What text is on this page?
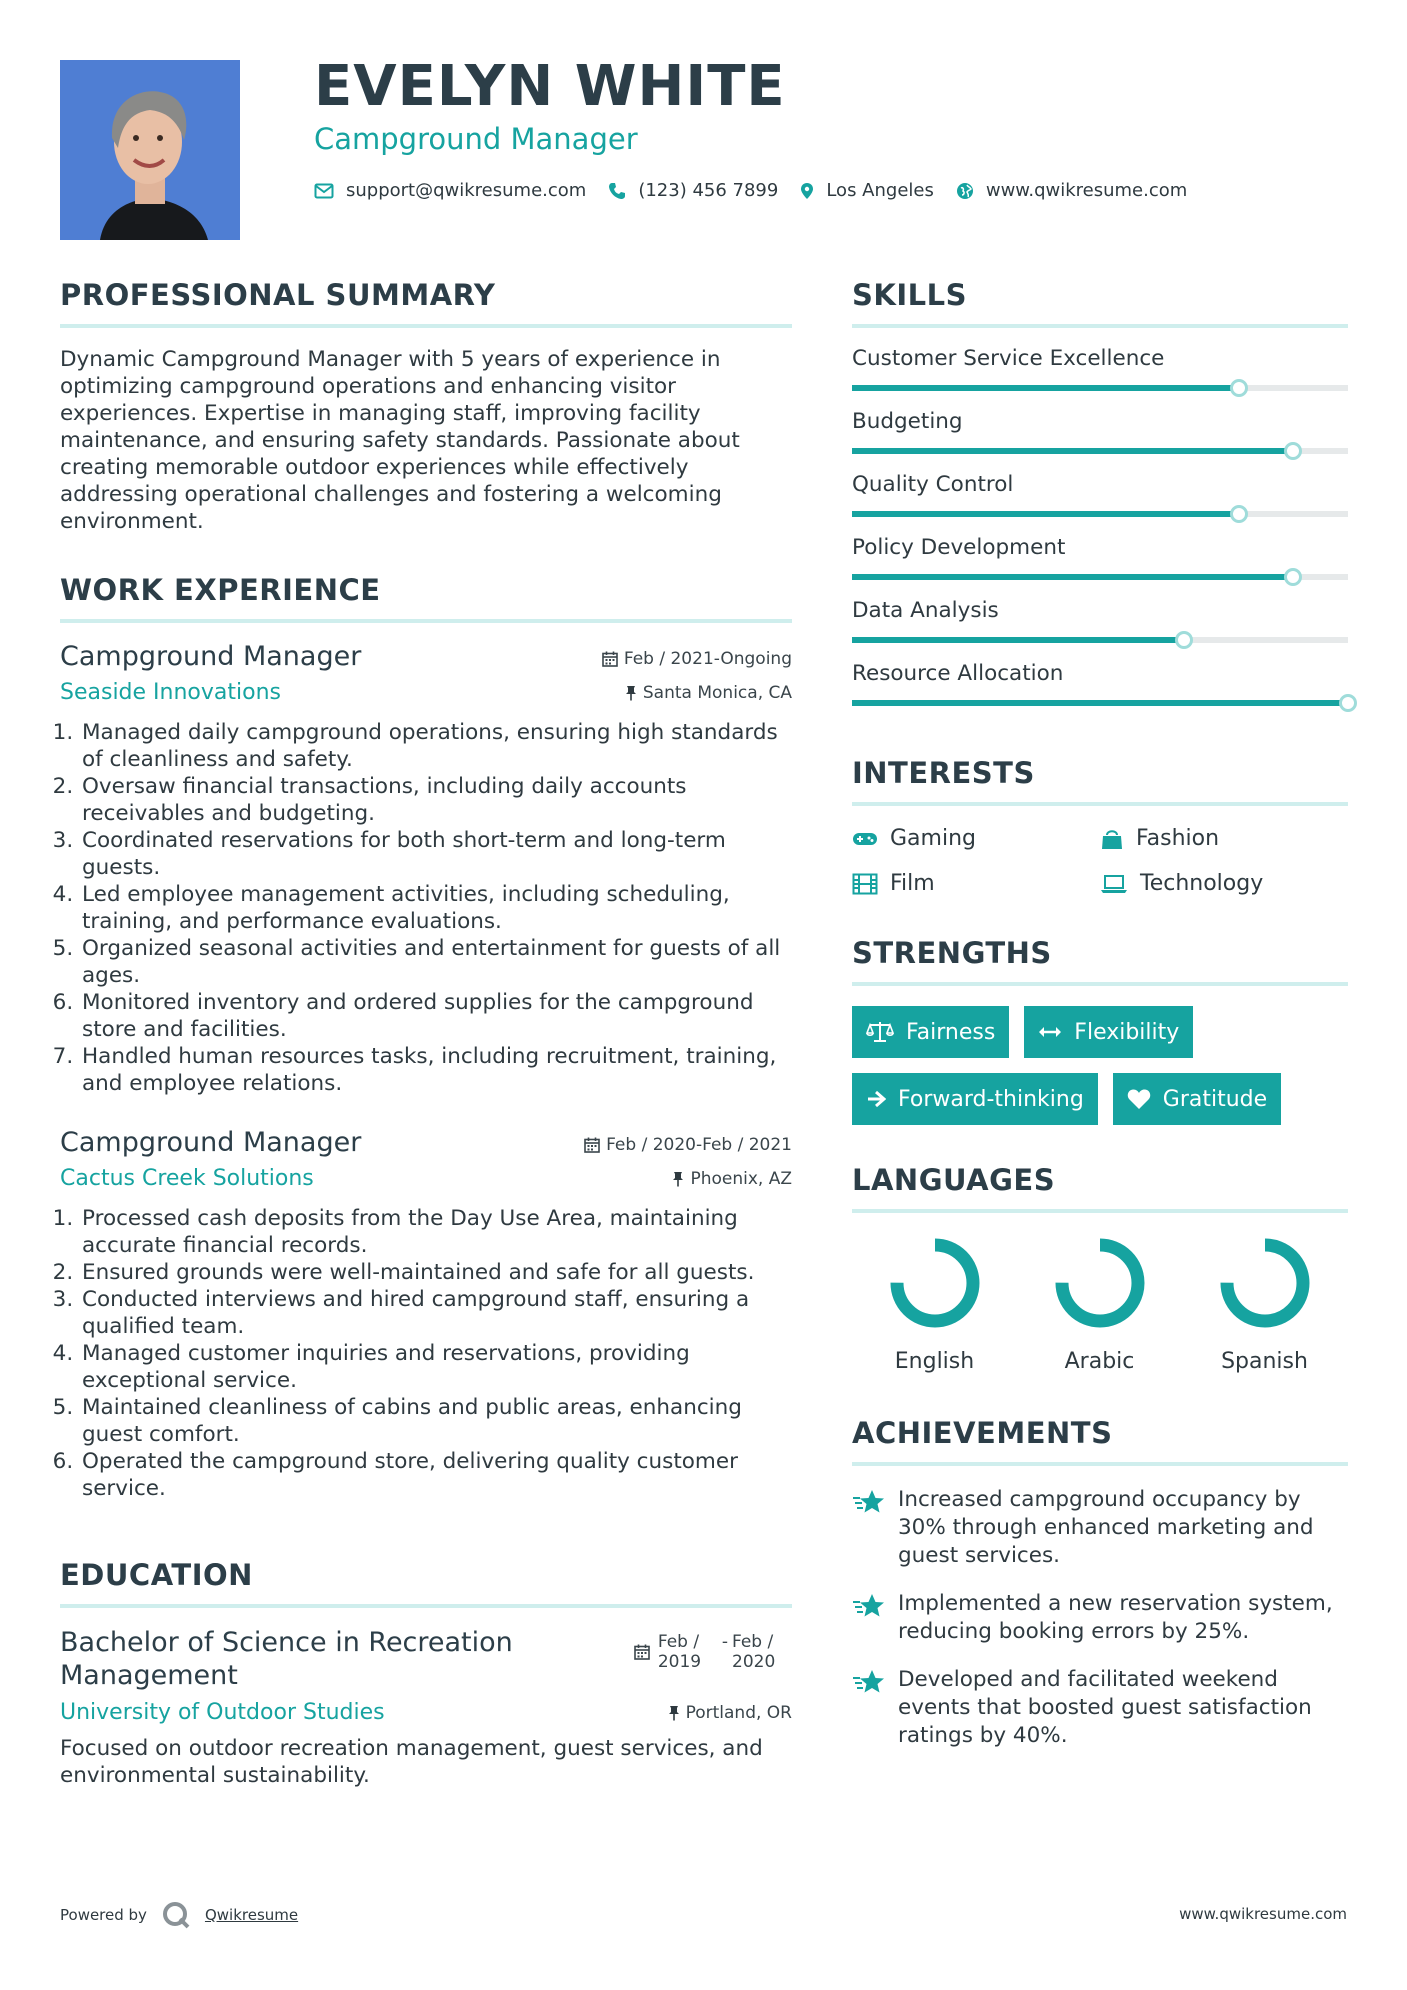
EVELYN WHITE
Campground Manager
support@qwikresume.com	(123) 456 7899	Los Angeles	www.qwikresume.com
PROFESSIONAL SUMMARY
Dynamic Campground Manager with 5 years of experience in optimizing campground operations and enhancing visitor experiences. Expertise in managing staff, improving facility maintenance, and ensuring safety standards. Passionate about creating memorable outdoor experiences while effectively addressing operational challenges and fostering a welcoming environment.
WORK EXPERIENCE
Campground Manager	Feb / 2021-Ongoing
Seaside Innovations	Santa Monica, CA
1. Managed daily campground operations, ensuring high standards of cleanliness and safety.
2. Oversaw financial transactions, including daily accounts receivables and budgeting.
3. Coordinated reservations for both short-term and long-term guests.
4. Led employee management activities, including scheduling, training, and performance evaluations.
5. Organized seasonal activities and entertainment for guests of all ages.
6. Monitored inventory and ordered supplies for the campground store and facilities.
7. Handled human resources tasks, including recruitment, training, and employee relations.
Campground Manager	Feb / 2020-Feb / 2021
Cactus Creek Solutions	Phoenix, AZ
1. Processed cash deposits from the Day Use Area, maintaining accurate financial records.
2. Ensured grounds were well-maintained and safe for all guests.
3. Conducted interviews and hired campground staff, ensuring a qualified team.
4. Managed customer inquiries and reservations, providing exceptional service.
5. Maintained cleanliness of cabins and public areas, enhancing guest comfort.
6. Operated the campground store, delivering quality customer service.
EDUCATION
Bachelor of Science in Recreation Management
Feb / 2019
- Feb / 2020
University of Outdoor Studies	Portland, OR
Focused on outdoor recreation management, guest services, and environmental sustainability.
SKILLS
Customer Service Excellence
Budgeting
Quality Control
Policy Development
Data Analysis
Resource Allocation
INTERESTS
Gaming	Fashion
Film	Technology
STRENGTHS
Fairness	Flexibility
Forward-thinking	Gratitude
LANGUAGES
English	Arabic	Spanish
ACHIEVEMENTS
Increased campground occupancy by 30% through enhanced marketing and guest services.
Implemented a new reservation system, reducing booking errors by 25%.
Developed and facilitated weekend events that boosted guest satisfaction ratings by 40%.
Powered by	Qwikresume	www.qwikresume.com
